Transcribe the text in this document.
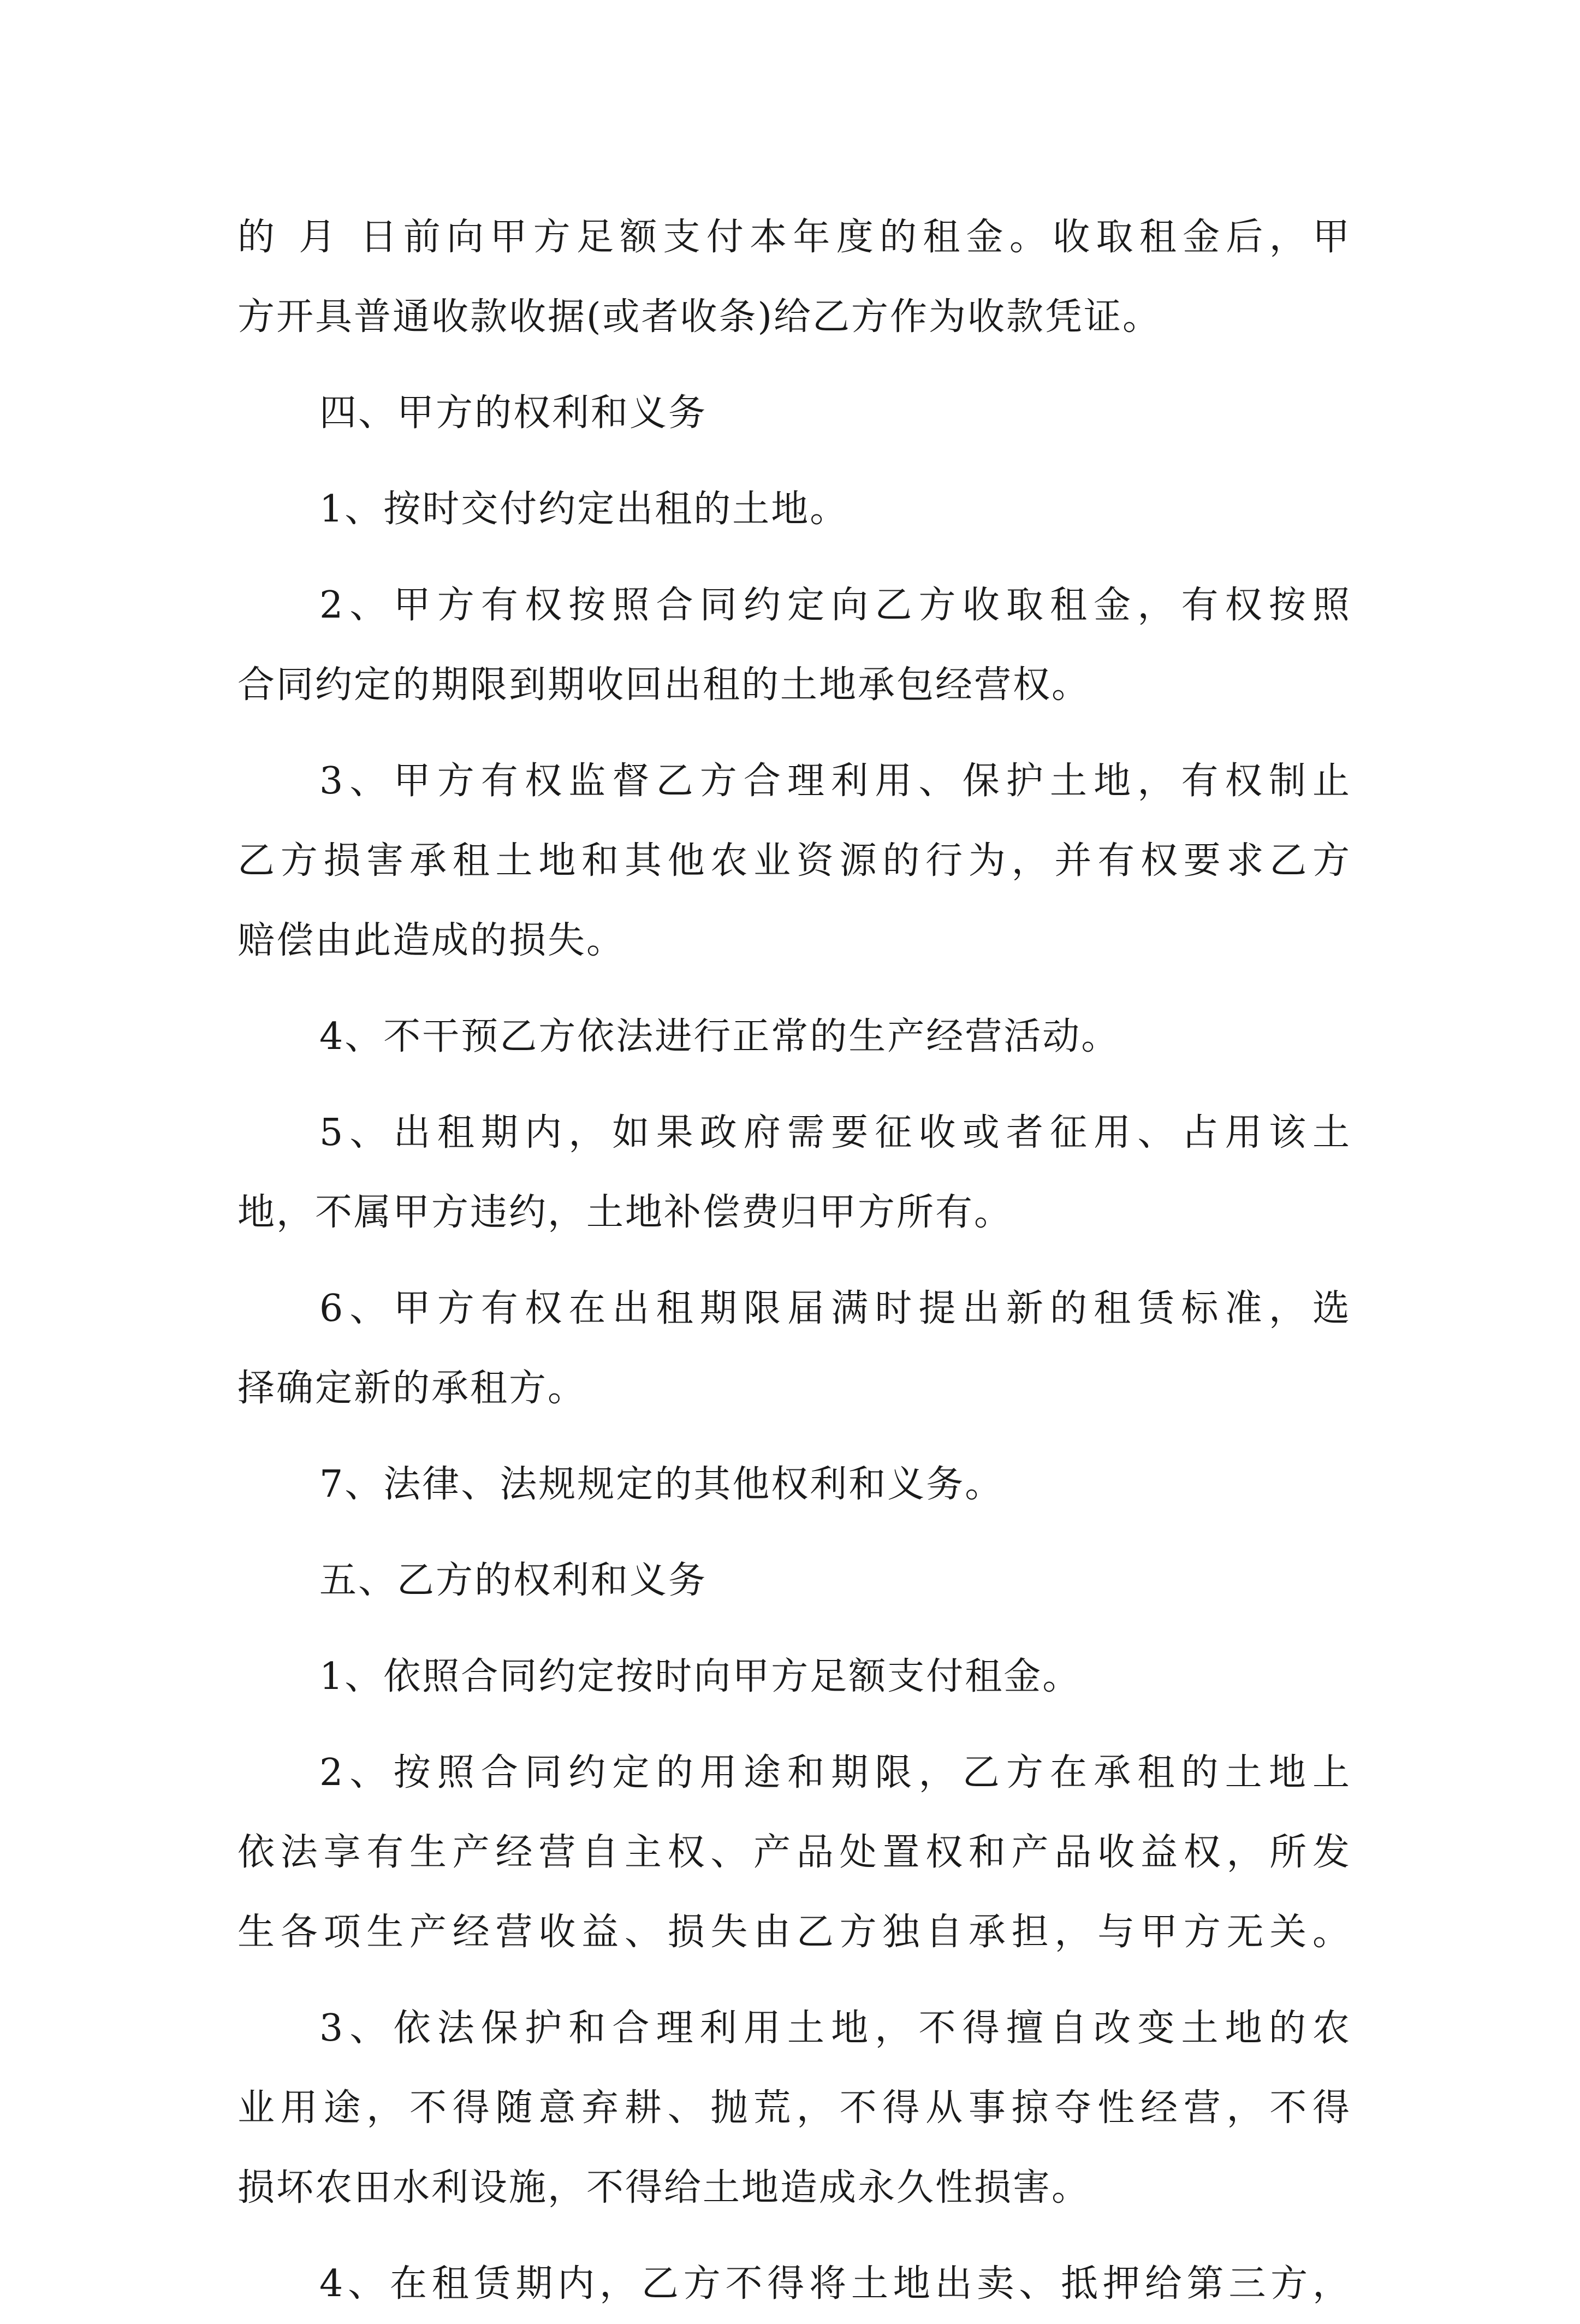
的 月 日前向甲方足额支付本年度的租金。收取租金后，甲
方开具普通收款收据(或者收条)给乙方作为收款凭证。
四、甲方的权利和义务
1、按时交付约定出租的土地。
2、甲方有权按照合同约定向乙方收取租金，有权按照
合同约定的期限到期收回出租的土地承包经营权。
3、甲方有权监督乙方合理利用、保护土地，有权制止
乙方损害承租土地和其他农业资源的行为，并有权要求乙方
赔偿由此造成的损失。
4、不干预乙方依法进行正常的生产经营活动。
5、出租期内，如果政府需要征收或者征用、占用该土
地，不属甲方违约，土地补偿费归甲方所有。
6、甲方有权在出租期限届满时提出新的租赁标准，选
择确定新的承租方。
7、法律、法规规定的其他权利和义务。
五、乙方的权利和义务
1、依照合同约定按时向甲方足额支付租金。
2、按照合同约定的用途和期限，乙方在承租的土地上
依法享有生产经营自主权、产品处置权和产品收益权，所发
生各项生产经营收益、损失由乙方独自承担，与甲方无关。
3、依法保护和合理利用土地，不得擅自改变土地的农
业用途，不得随意弃耕、抛荒，不得从事掠夺性经营，不得
损坏农田水利设施，不得给土地造成永久性损害。
4、在租赁期内，乙方不得将土地出卖、抵押给第三方，
